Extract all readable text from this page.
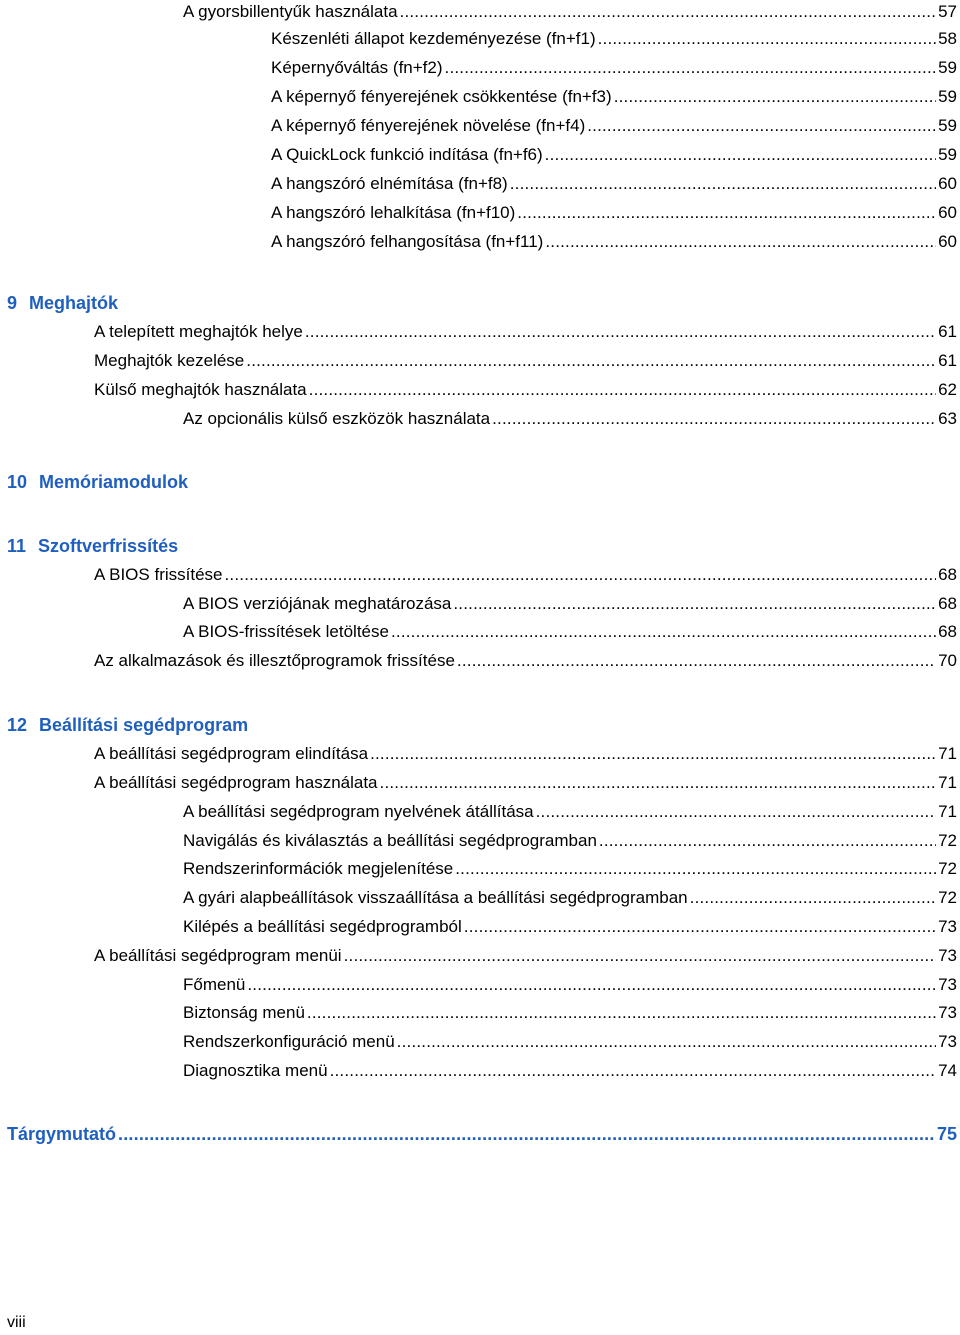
A gyorsbillentyűk használata .....	57
Készenléti állapot kezdeményezése (fn+f1) .....	58
Képernyőváltás (fn+f2) .....	59
A képernyő fényerejének csökkentése (fn+f3) .....	59
A képernyő fényerejének növelése (fn+f4) .....	59
A QuickLock funkció indítása (fn+f6) .....	59
A hangszóró elnémítása (fn+f8) .....	60
A hangszóró lehalkítása (fn+f10) .....	60
A hangszóró felhangosítása (fn+f11) .....	60
9 Meghajtók
A telepített meghajtók helye .....	61
Meghajtók kezelése .....	61
Külső meghajtók használata .....	62
Az opcionális külső eszközök használata .....	63
10 Memóriamodulok
11 Szoftverfrissítés
A BIOS frissítése .....	68
A BIOS verziójának meghatározása .....	68
A BIOS-frissítések letöltése .....	68
Az alkalmazások és illesztőprogramok frissítése .....	70
12 Beállítási segédprogram
A beállítási segédprogram elindítása .....	71
A beállítási segédprogram használata .....	71
A beállítási segédprogram nyelvének átállítása .....	71
Navigálás és kiválasztás a beállítási segédprogramban .....	72
Rendszerinformációk megjelenítése .....	72
A gyári alapbeállítások visszaállítása a beállítási segédprogramban .....	72
Kilépés a beállítási segédprogramból .....	73
A beállítási segédprogram menüi .....	73
Főmenü .....	73
Biztonság menü .....	73
Rendszerkonfiguráció menü .....	73
Diagnosztika menü .....	74
Tárgymutató .....	75
viii
